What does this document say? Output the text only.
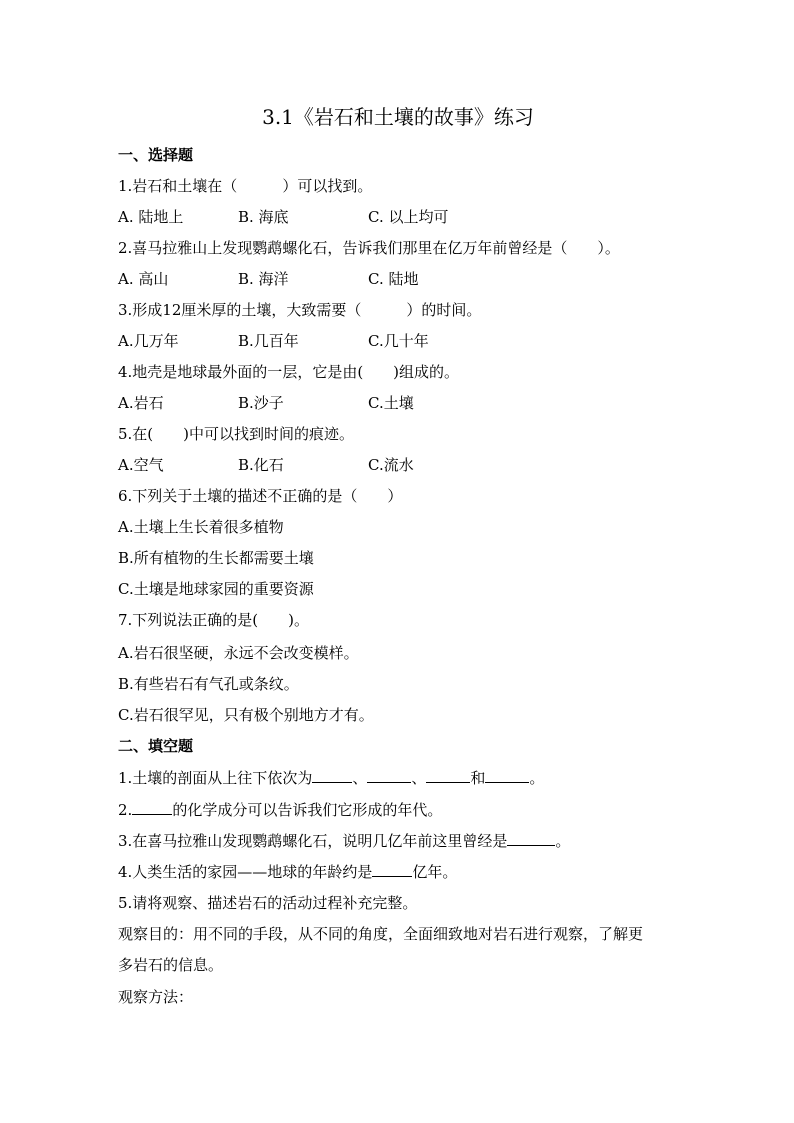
3.1《岩石和土壤的故事》练习
一、选择题
1.岩石和土壤在（　　　）可以找到。
A. 陆地上	B. 海底	C. 以上均可
2.喜马拉雅山上发现鹦鹉螺化石，告诉我们那里在亿万年前曾经是（　　）。
A. 高山	B. 海洋	C. 陆地
3.形成12厘米厚的土壤，大致需要（　　　）的时间。
A.几万年	B.几百年	C.几十年
4.地壳是地球最外面的一层，它是由(　　)组成的。
A.岩石	B.沙子	C.土壤
5.在(　　)中可以找到时间的痕迹。
A.空气	B.化石	C.流水
6.下列关于土壤的描述不正确的是（　　）
A.土壤上生长着很多植物
B.所有植物的生长都需要土壤
C.土壤是地球家园的重要资源
7.下列说法正确的是(　　)。
A.岩石很坚硬，永远不会改变模样。
B.有些岩石有气孔或条纹。
C.岩石很罕见，只有极个别地方才有。
二、填空题
1.土壤的剖面从上往下依次为	、	、	和	。
2.	的化学成分可以告诉我们它形成的年代。
3.在喜马拉雅山发现鹦鹉螺化石，说明几亿年前这里曾经是	。
4.人类生活的家园——地球的年龄约是	亿年。
5.请将观察、描述岩石的活动过程补充完整。
观察目的：用不同的手段，从不同的角度，全面细致地对岩石进行观察，了解更
多岩石的信息。
观察方法：
